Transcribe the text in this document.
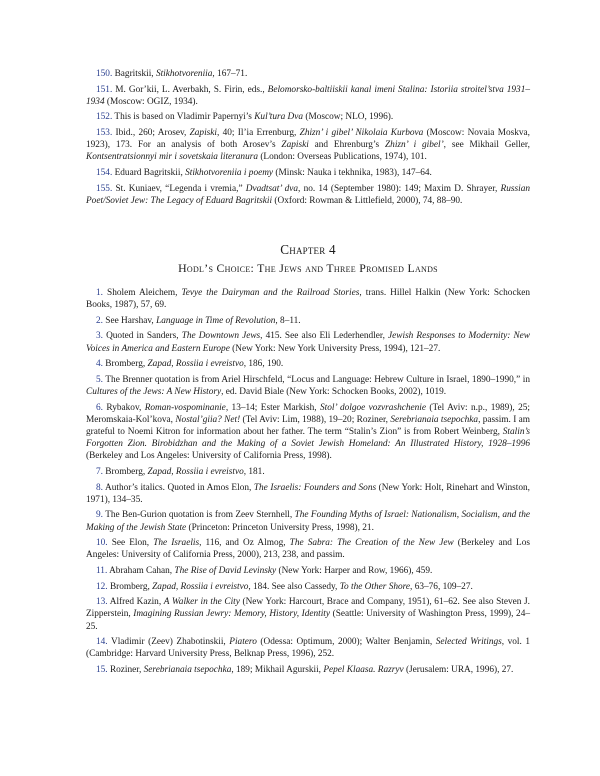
150. Bagritskii, Stikhotvoreniia, 167–71.
151. M. Gor’kii, L. Averbakh, S. Firin, eds., Belomorsko-baltiiskii kanal imeni Stalina: Istoriia stroitel’stva 1931–1934 (Moscow: OGIZ, 1934).
152. This is based on Vladimir Papernyi’s Kul’tura Dva (Moscow; NLO, 1996).
153. Ibid., 260; Arosev, Zapiski, 40; Il’ia Errenburg, Zhizn’ i gibel’ Nikolaia Kurbova (Moscow: Novaia Moskva, 1923), 173. For an analysis of both Arosev’s Zapiski and Ehrenburg’s Zhizn’ i gibel’, see Mikhail Geller, Kontsentratsionnyi mir i sovetskaia literanura (London: Overseas Publications, 1974), 101.
154. Eduard Bagritskii, Stikhotvoreniia i poemy (Minsk: Nauka i tekhnika, 1983), 147–64.
155. St. Kuniaev, “Legenda i vremia,” Dvadtsat’ dva, no. 14 (September 1980): 149; Maxim D. Shrayer, Russian Poet/Soviet Jew: The Legacy of Eduard Bagritskii (Oxford: Rowman & Littlefield, 2000), 74, 88–90.
Chapter 4
Hodl’s Choice: The Jews and Three Promised Lands
1. Sholem Aleichem, Tevye the Dairyman and the Railroad Stories, trans. Hillel Halkin (New York: Schocken Books, 1987), 57, 69.
2. See Harshav, Language in Time of Revolution, 8–11.
3. Quoted in Sanders, The Downtown Jews, 415. See also Eli Lederhendler, Jewish Responses to Modernity: New Voices in America and Eastern Europe (New York: New York University Press, 1994), 121–27.
4. Bromberg, Zapad, Rossiia i evreistvo, 186, 190.
5. The Brenner quotation is from Ariel Hirschfeld, “Locus and Language: Hebrew Culture in Israel, 1890–1990,” in Cultures of the Jews: A New History, ed. David Biale (New York: Schocken Books, 2002), 1019.
6. Rybakov, Roman-vospominanie, 13–14; Ester Markish, Stol’ dolgoe vozvrashchenie (Tel Aviv: n.p., 1989), 25; Meromskaia-Kol’kova, Nostal’giia? Net! (Tel Aviv: Lim, 1988), 19–20; Roziner, Serebrianaia tsepochka, passim. I am grateful to Noemi Kitron for information about her father. The term “Stalin’s Zion” is from Robert Weinberg, Stalin’s Forgotten Zion. Birobidzhan and the Making of a Soviet Jewish Homeland: An Illustrated History, 1928–1996 (Berkeley and Los Angeles: University of California Press, 1998).
7. Bromberg, Zapad, Rossiia i evreistvo, 181.
8. Author’s italics. Quoted in Amos Elon, The Israelis: Founders and Sons (New York: Holt, Rinehart and Winston, 1971), 134–35.
9. The Ben-Gurion quotation is from Zeev Sternhell, The Founding Myths of Israel: Nationalism, Socialism, and the Making of the Jewish State (Princeton: Princeton University Press, 1998), 21.
10. See Elon, The Israelis, 116, and Oz Almog, The Sabra: The Creation of the New Jew (Berkeley and Los Angeles: University of California Press, 2000), 213, 238, and passim.
11. Abraham Cahan, The Rise of David Levinsky (New York: Harper and Row, 1966), 459.
12. Bromberg, Zapad, Rossiia i evreistvo, 184. See also Cassedy, To the Other Shore, 63–76, 109–27.
13. Alfred Kazin, A Walker in the City (New York: Harcourt, Brace and Company, 1951), 61–62. See also Steven J. Zipperstein, Imagining Russian Jewry: Memory, History, Identity (Seattle: University of Washington Press, 1999), 24–25.
14. Vladimir (Zeev) Zhabotinskii, Piatero (Odessa: Optimum, 2000); Walter Benjamin, Selected Writings, vol. 1 (Cambridge: Harvard University Press, Belknap Press, 1996), 252.
15. Roziner, Serebrianaia tsepochka, 189; Mikhail Agurskii, Pepel Klaasa. Razryv (Jerusalem: URA, 1996), 27.
